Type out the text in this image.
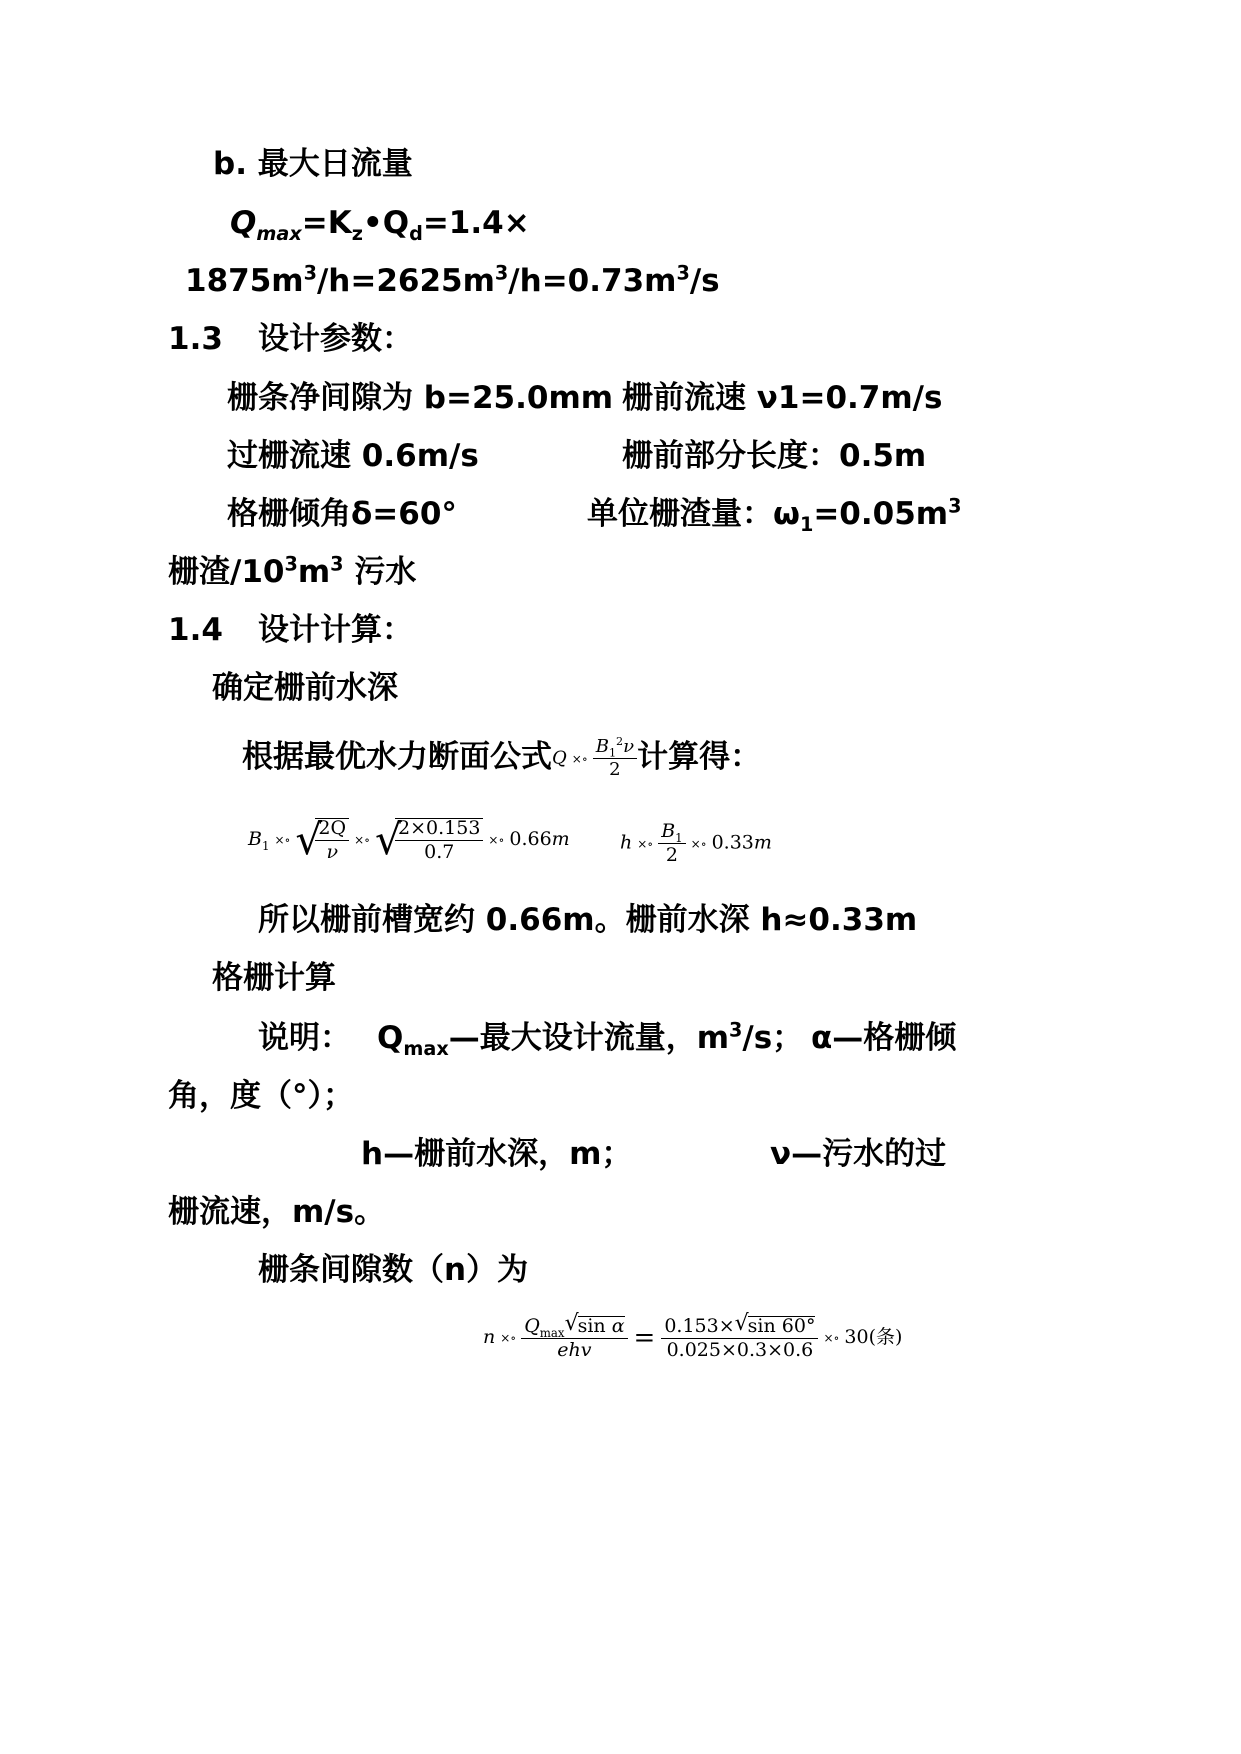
b. 最大日流量
$Q_{max}=K_z•Q_d=1.4\times$
$1875m^3/h=2625m^3/h=0.73m^3/s$
1.3 设计参数：
栅条净间隙为 b=25.0mm 栅前流速 ν1=0.7m/s
过栅流速 0.6m/s	栅前部分长度：0.5m
格栅倾角δ=60°	单位栅渣量：$\omega_1=0.05m^3$
栅渣$/10^3m^3$ 污水
1.4 设计计算：
确定栅前水深
根据最优水力断面公式Q ×∘ $\frac{B_1^2\nu}{2}$ 计算得：
$B_1$ ×∘ √ $\frac{2Q}{\nu}$ ×∘ √ $\frac{2\times 0.153}{0.7}$ ×∘ 0.66m	h ×∘ $\frac{B_1}{2}$ ×∘ 0.33m
所以栅前槽宽约 0.66m。栅前水深 h≈0.33m
格栅计算
说明： $Q_{max}—$最大设计流量，$m^3/s$； α—格栅倾
角，度（°）；
h—栅前水深，m；	ν—污水的过
栅流速，m/s。
栅条间隙数（n）为
n ×∘ $\frac{Q_{max} √ \sin \alpha}{\text{ehv}} = \frac{0.153\times √ \sin 60^\circ}{0.025\times 0.3\times 0.6}$ ×∘ 30(条)
